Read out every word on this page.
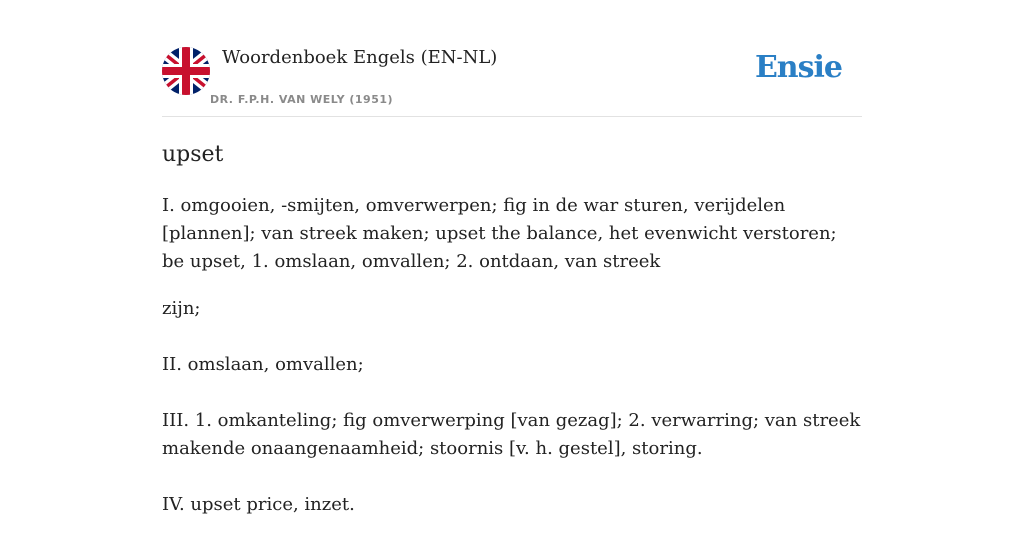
Woordenboek Engels (EN-NL)
DR. F.P.H. VAN WELY (1951)
Ensie
upset

I. omgooien, -smijten, omverwerpen; fig in de war sturen, verijdelen [plannen]; van streek maken; upset the balance, het evenwicht verstoren; be upset, 1. omslaan, omvallen; 2. ontdaan, van streek

zijn;

II. omslaan, omvallen;

III. 1. omkanteling; fig omverwerping [van gezag]; 2. verwarring; van streek makende onaangenaamheid; stoornis [v. h. gestel], storing.

IV. upset price, inzet.
